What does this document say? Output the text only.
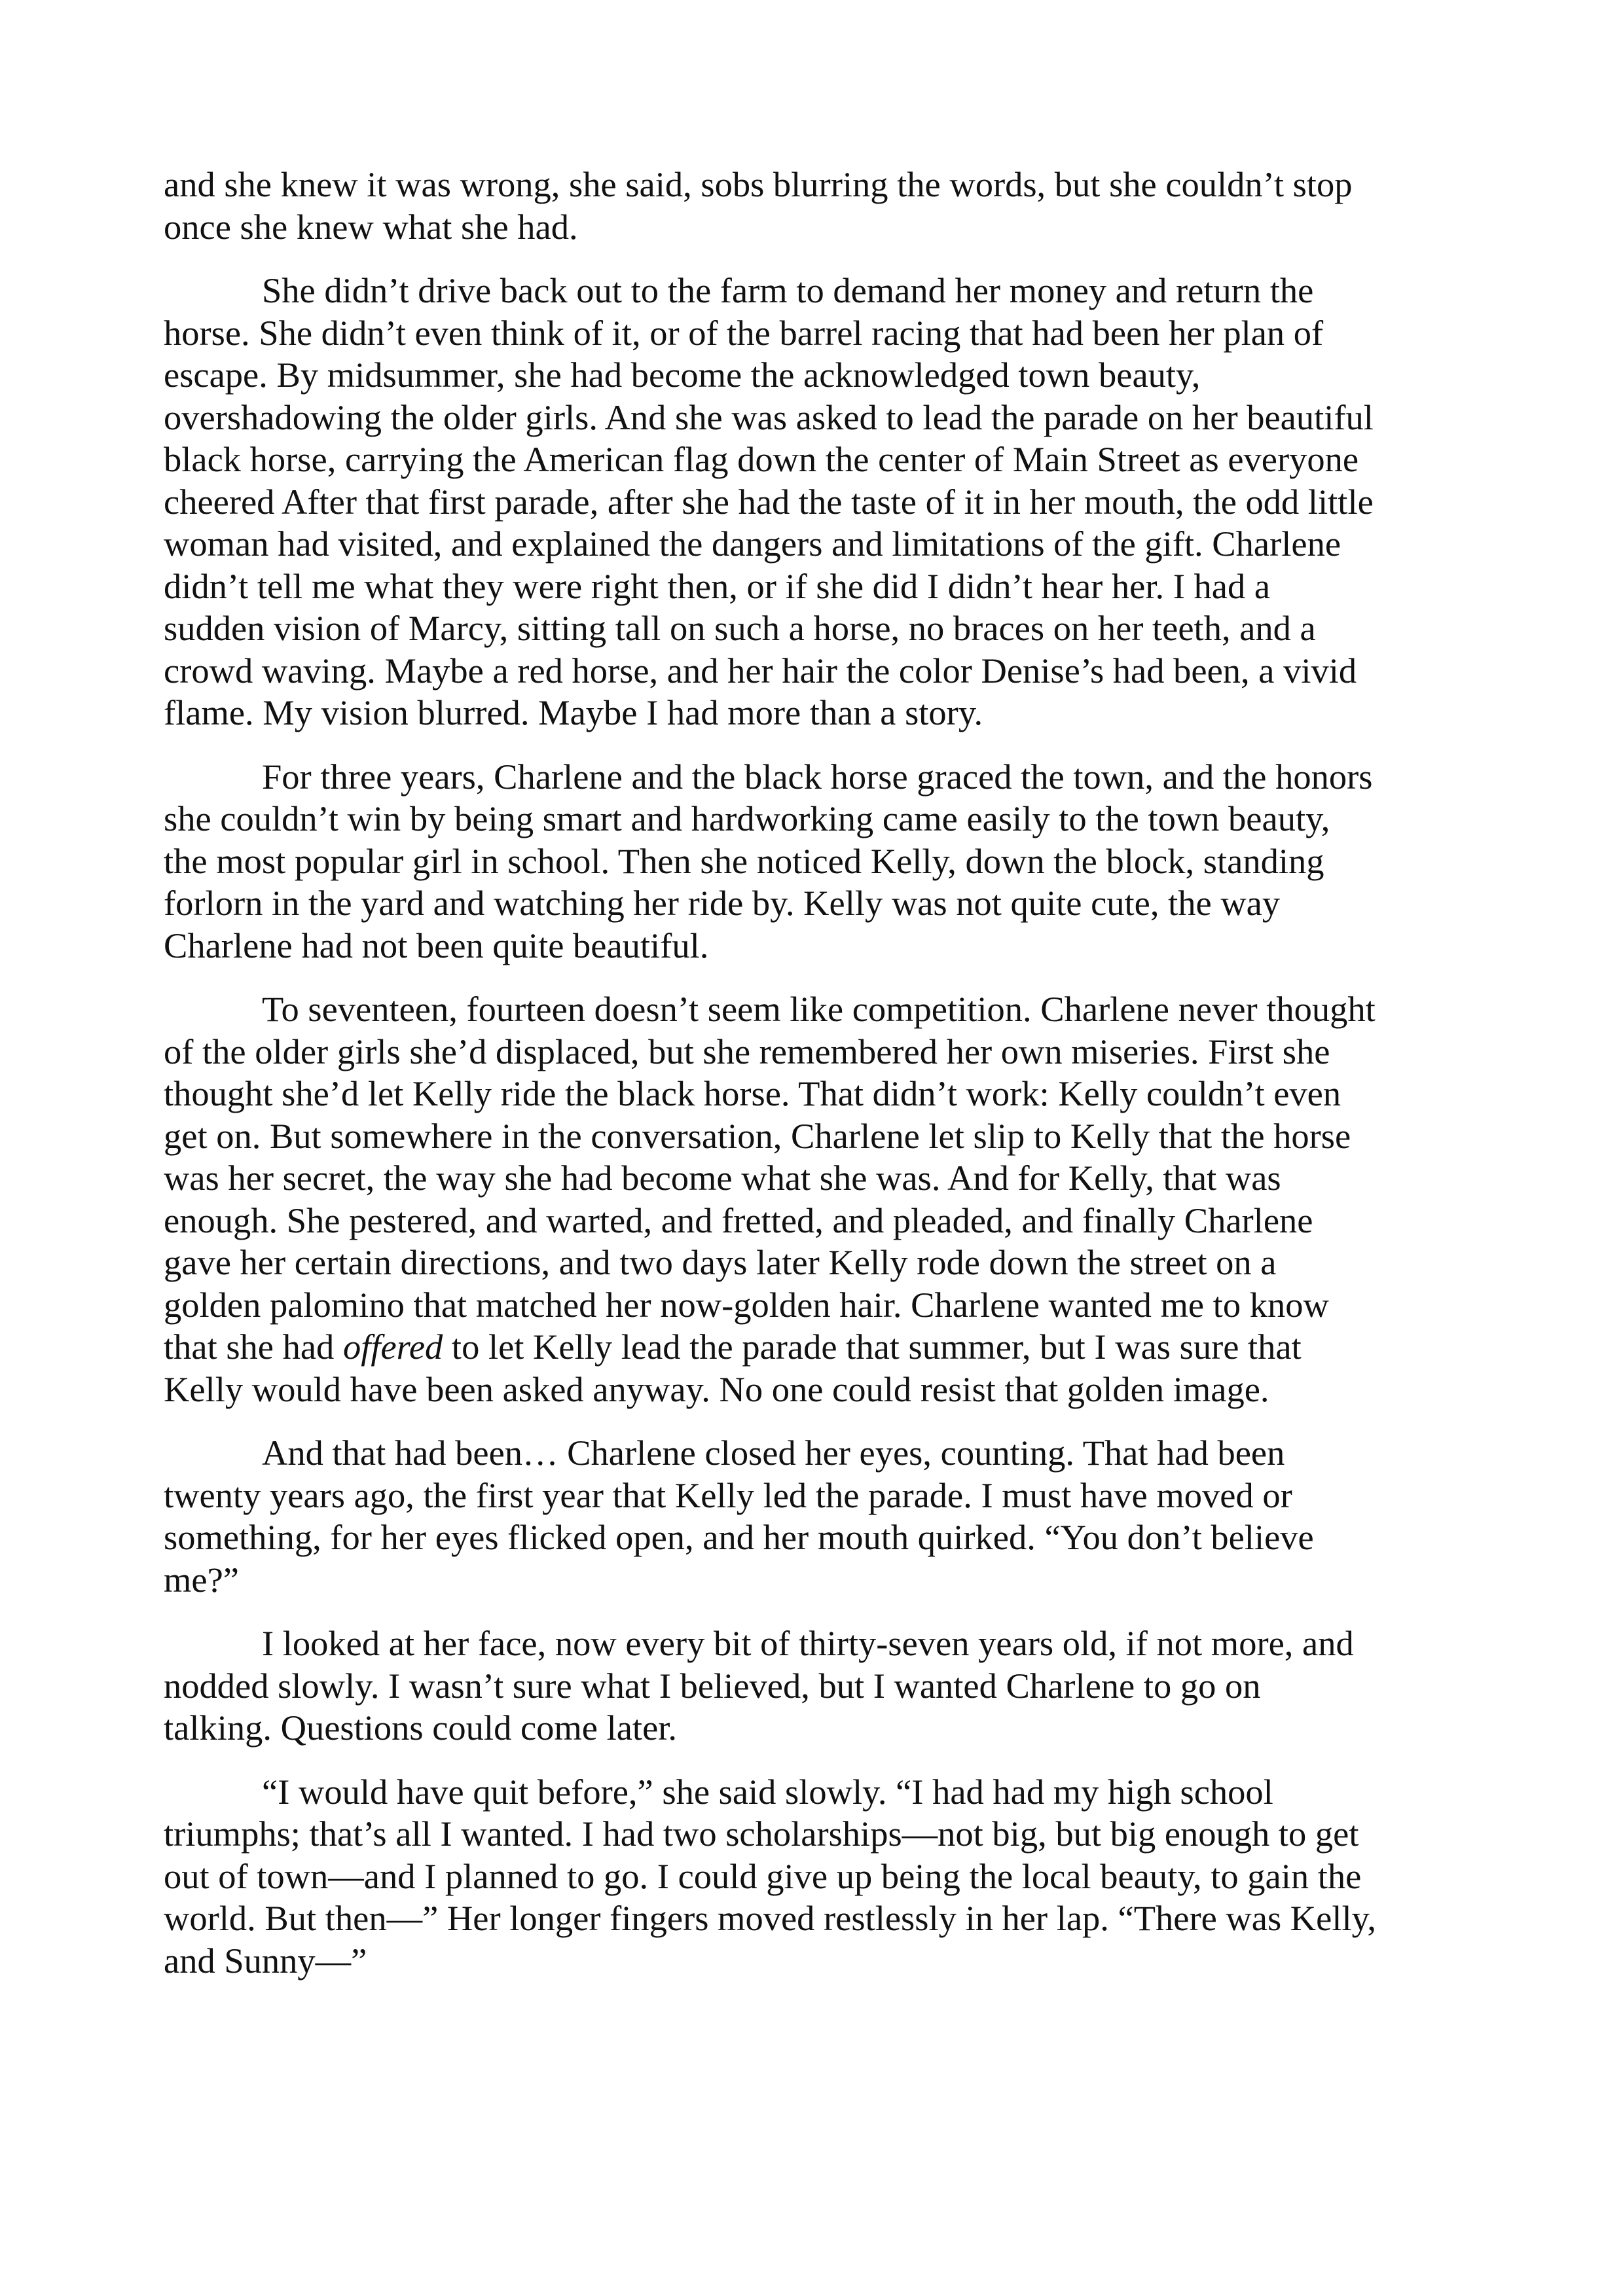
and she knew it was wrong, she said, sobs blurring the words, but she couldn’t stop
once she knew what she had.

She didn’t drive back out to the farm to demand her money and return the
horse. She didn’t even think of it, or of the barrel racing that had been her plan of
escape. By midsummer, she had become the acknowledged town beauty,
overshadowing the older girls. And she was asked to lead the parade on her beautiful
black horse, carrying the American flag down the center of Main Street as everyone
cheered After that first parade, after she had the taste of it in her mouth, the odd little
woman had visited, and explained the dangers and limitations of the gift. Charlene
didn’t tell me what they were right then, or if she did I didn’t hear her. I had a
sudden vision of Marcy, sitting tall on such a horse, no braces on her teeth, and a
crowd waving. Maybe a red horse, and her hair the color Denise’s had been, a vivid
flame. My vision blurred. Maybe I had more than a story.

For three years, Charlene and the black horse graced the town, and the honors
she couldn’t win by being smart and hardworking came easily to the town beauty,
the most popular girl in school. Then she noticed Kelly, down the block, standing
forlorn in the yard and watching her ride by. Kelly was not quite cute, the way
Charlene had not been quite beautiful.

To seventeen, fourteen doesn’t seem like competition. Charlene never thought
of the older girls she’d displaced, but she remembered her own miseries. First she
thought she’d let Kelly ride the black horse. That didn’t work: Kelly couldn’t even
get on. But somewhere in the conversation, Charlene let slip to Kelly that the horse
was her secret, the way she had become what she was. And for Kelly, that was
enough. She pestered, and warted, and fretted, and pleaded, and finally Charlene
gave her certain directions, and two days later Kelly rode down the street on a
golden palomino that matched her now-golden hair. Charlene wanted me to know
that she had offered to let Kelly lead the parade that summer, but I was sure that
Kelly would have been asked anyway. No one could resist that golden image.

And that had been… Charlene closed her eyes, counting. That had been
twenty years ago, the first year that Kelly led the parade. I must have moved or
something, for her eyes flicked open, and her mouth quirked. “You don’t believe
me?”

I looked at her face, now every bit of thirty-seven years old, if not more, and
nodded slowly. I wasn’t sure what I believed, but I wanted Charlene to go on
talking. Questions could come later.

“I would have quit before,” she said slowly. “I had had my high school
triumphs; that’s all I wanted. I had two scholarships—not big, but big enough to get
out of town—and I planned to go. I could give up being the local beauty, to gain the
world. But then—” Her longer fingers moved restlessly in her lap. “There was Kelly,
and Sunny—”
